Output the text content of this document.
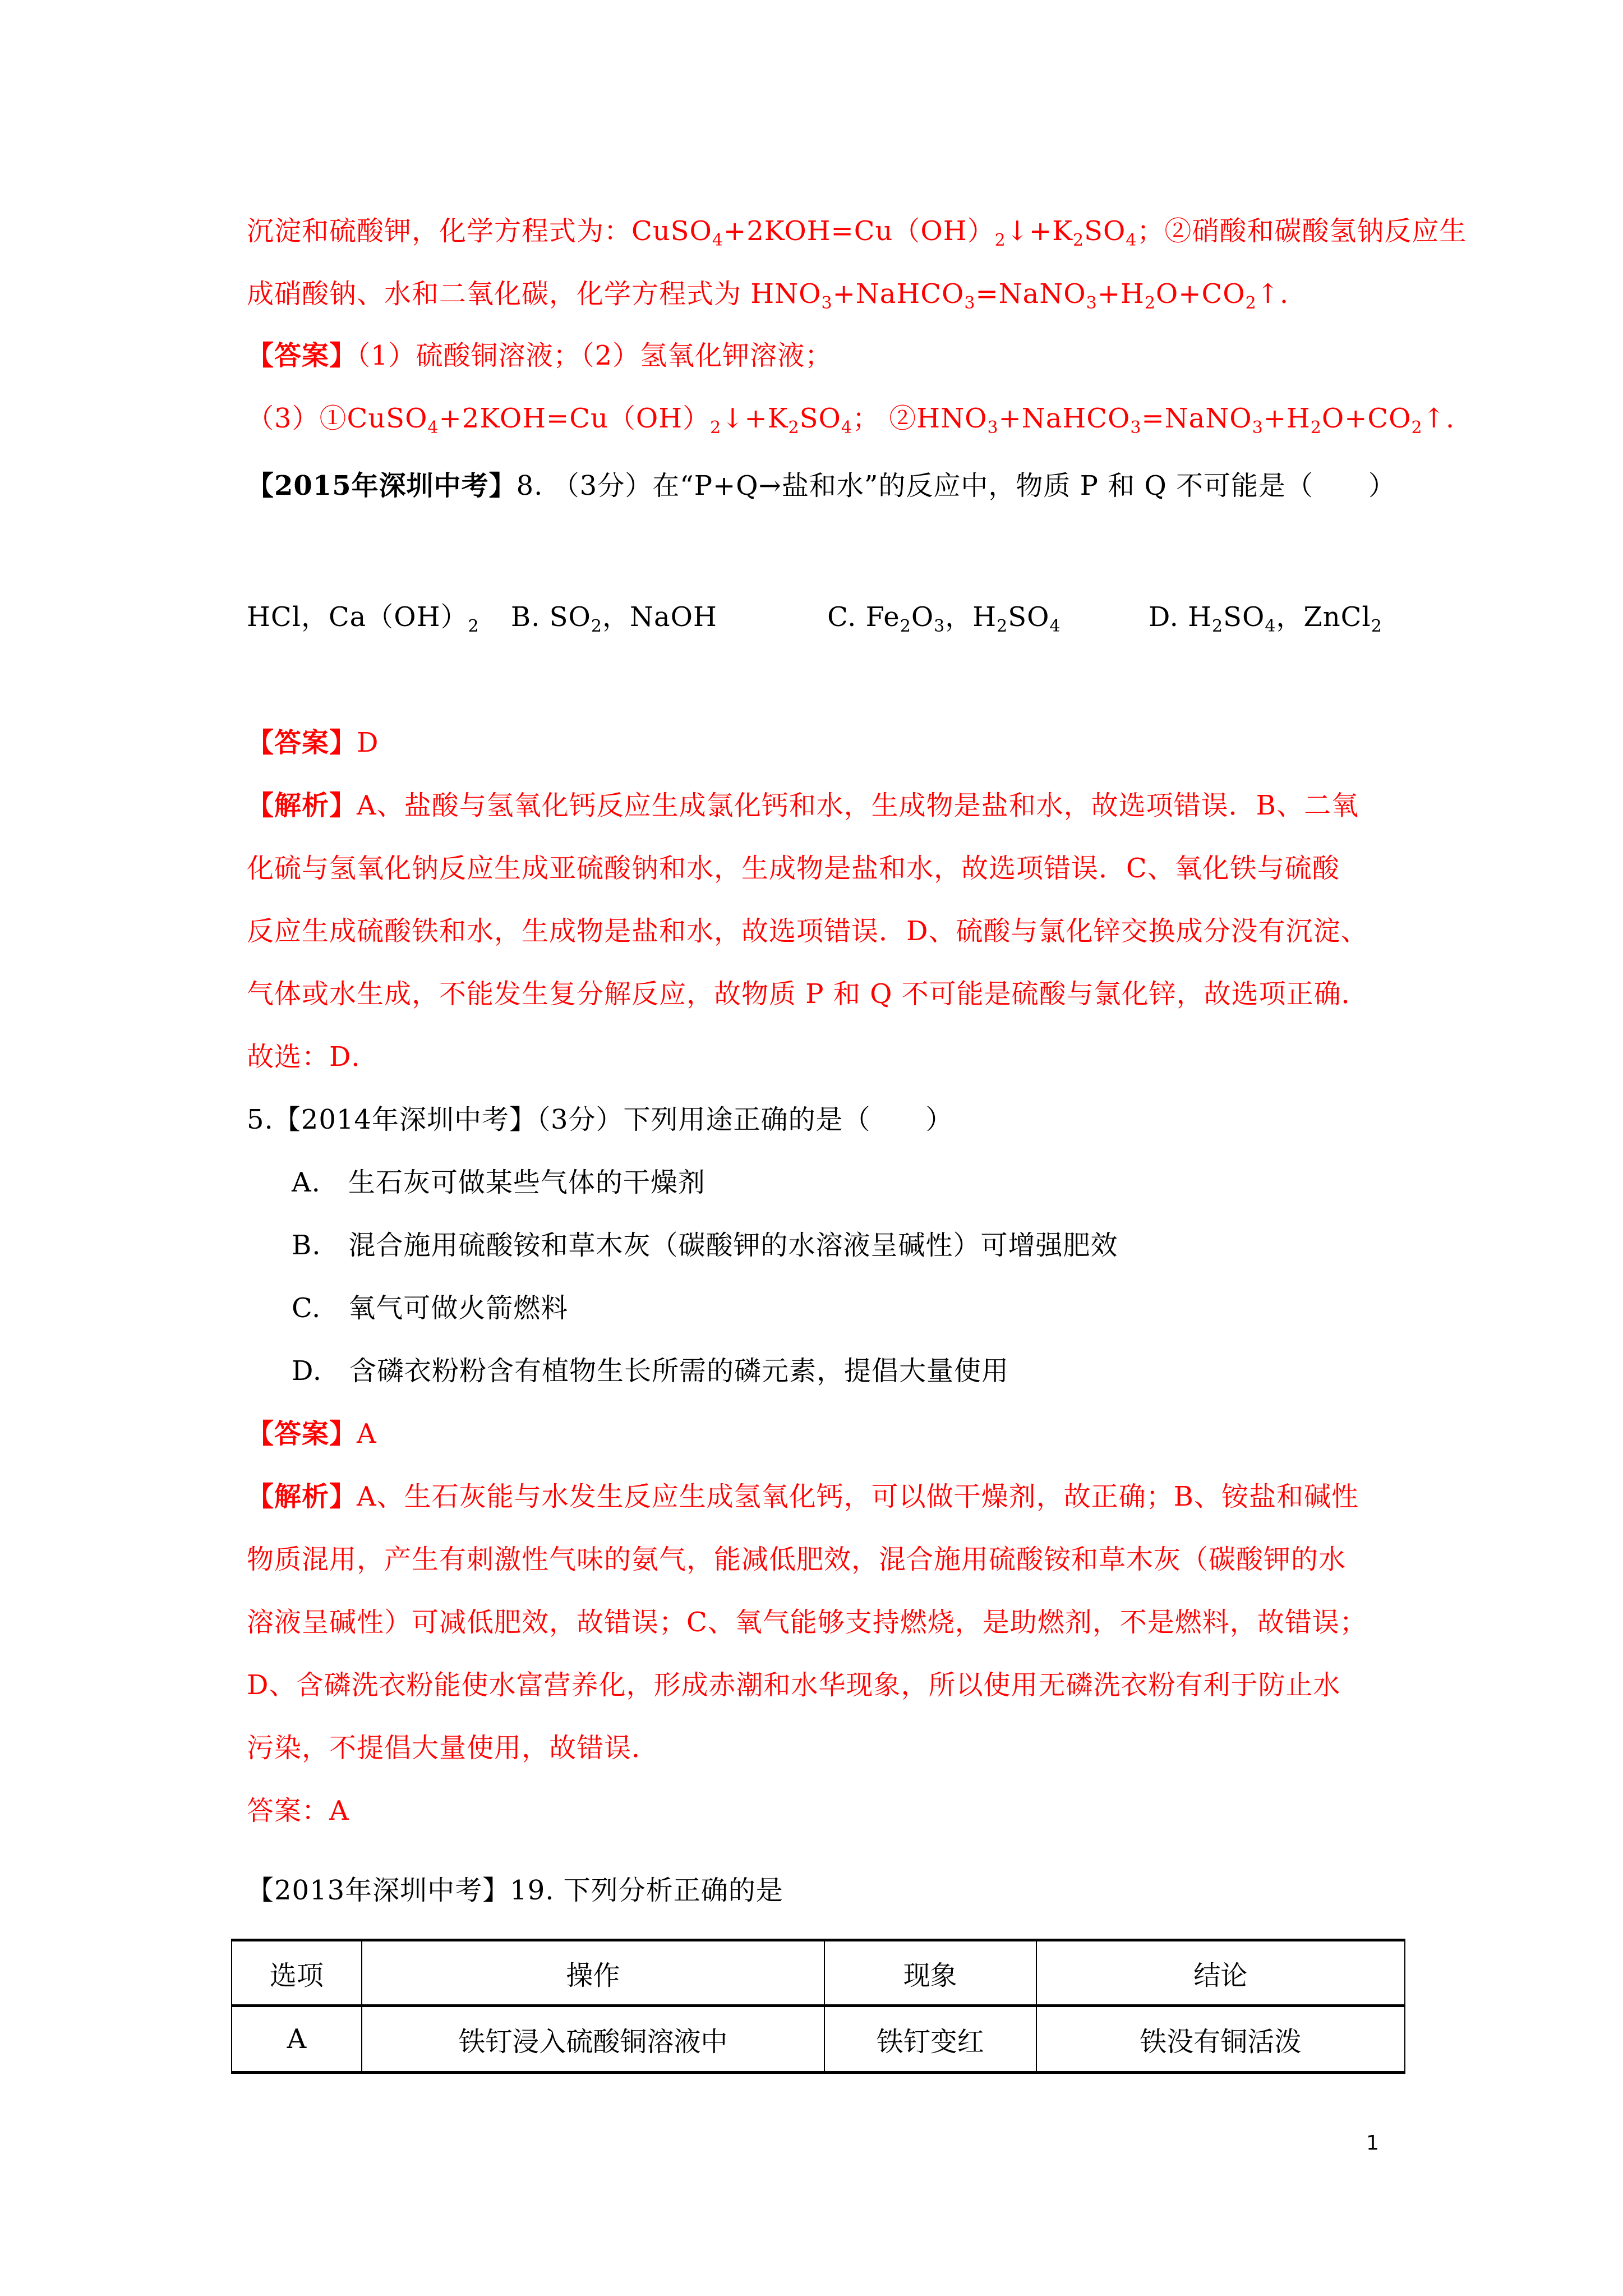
沉淀和硫酸钾，化学方程式为：$CuSO_4+2KOH=Cu(OH)_2↓+K_2SO_4$；②硝酸和碳酸氢钠反应生
成硝酸钠、水和二氧化碳，化学方程式为 $HNO_3+NaHCO_3=NaNO_3+H_2O+CO_2↑$.
【答案】（1）硫酸铜溶液；（2）氢氧化钾溶液；
$(3)①CuSO_4+2KOH=Cu(OH)_2↓+K_2SO_4$； $②HNO_3+NaHCO_3=NaNO_3+H_2O+CO_2↑$.
【2015年深圳中考】8. （3分）在“P+Q→盐和水”的反应中，物质 P 和 Q 不可能是（　　）
HCl，$Ca(OH)_2$ B. $SO_2$，NaOH	C. $Fe_2O_3$，$H_2SO_4$	D. $H_2SO_4$，ZnCl$_2$
【答案】D
【解析】A、盐酸与氢氧化钙反应生成氯化钙和水，生成物是盐和水，故选项错误．B、二氧
化硫与氢氧化钠反应生成亚硫酸钠和水，生成物是盐和水，故选项错误．C、氧化铁与硫酸
反应生成硫酸铁和水，生成物是盐和水，故选项错误．D、硫酸与氯化锌交换成分没有沉淀、
气体或水生成，不能发生复分解反应，故物质 P 和 Q 不可能是硫酸与氯化锌，故选项正确．
故选：D．
5.【2014年深圳中考】（3分）下列用途正确的是（　　）
A.　生石灰可做某些气体的干燥剂
B.　混合施用硫酸铵和草木灰（碳酸钾的水溶液呈碱性）可增强肥效
C.　氧气可做火箭燃料
D.　含磷衣粉粉含有植物生长所需的磷元素，提倡大量使用
【答案】A
【解析】A、生石灰能与水发生反应生成氢氧化钙，可以做干燥剂，故正确；B、铵盐和碱性
物质混用，产生有刺激性气味的氨气，能减低肥效，混合施用硫酸铵和草木灰（碳酸钾的水
溶液呈碱性）可减低肥效，故错误；C、氧气能够支持燃烧，是助燃剂，不是燃料，故错误；
D、含磷洗衣粉能使水富营养化，形成赤潮和水华现象，所以使用无磷洗衣粉有利于防止水
污染，不提倡大量使用，故错误．
答案：A
【2013年深圳中考】19. 下列分析正确的是
选项	操作	现象	结论
A	铁钉浸入硫酸铜溶液中	铁钉变红	铁没有铜活泼
1
